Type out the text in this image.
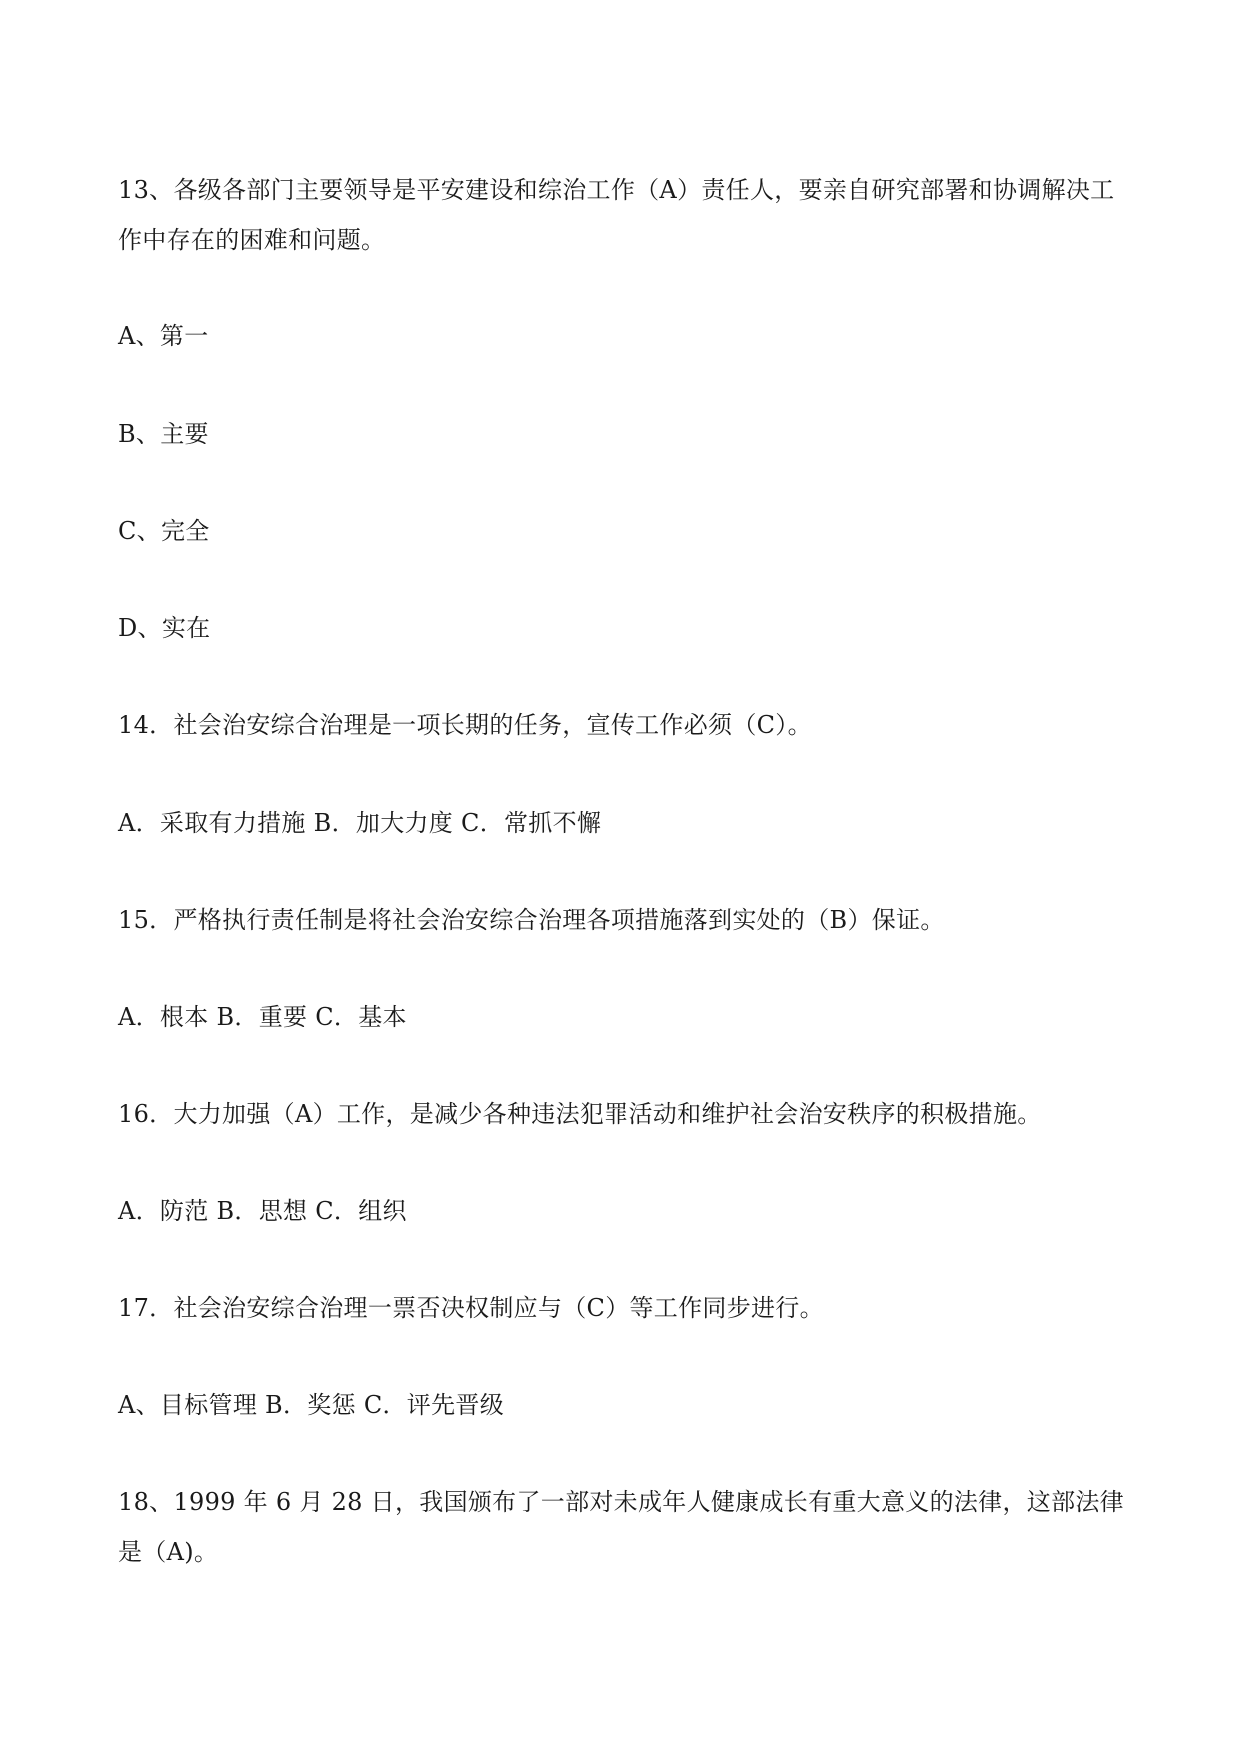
13、各级各部门主要领导是平安建设和综治工作（A）责任人，要亲自研究部署和协调解决工
作中存在的困难和问题。
A、第一
B、主要
C、完全
D、实在
14．社会治安综合治理是一项长期的任务，宣传工作必须（C）。
A．采取有力措施 B．加大力度 C．常抓不懈
15．严格执行责任制是将社会治安综合治理各项措施落到实处的（B）保证。
A．根本 B．重要 C．基本
16．大力加强（A）工作，是减少各种违法犯罪活动和维护社会治安秩序的积极措施。
A．防范 B．思想 C．组织
17．社会治安综合治理一票否决权制应与（C）等工作同步进行。
A、目标管理 B．奖惩 C．评先晋级
18、1999 年 6 月 28 日，我国颁布了一部对未成年人健康成长有重大意义的法律，这部法律
是（A)。
